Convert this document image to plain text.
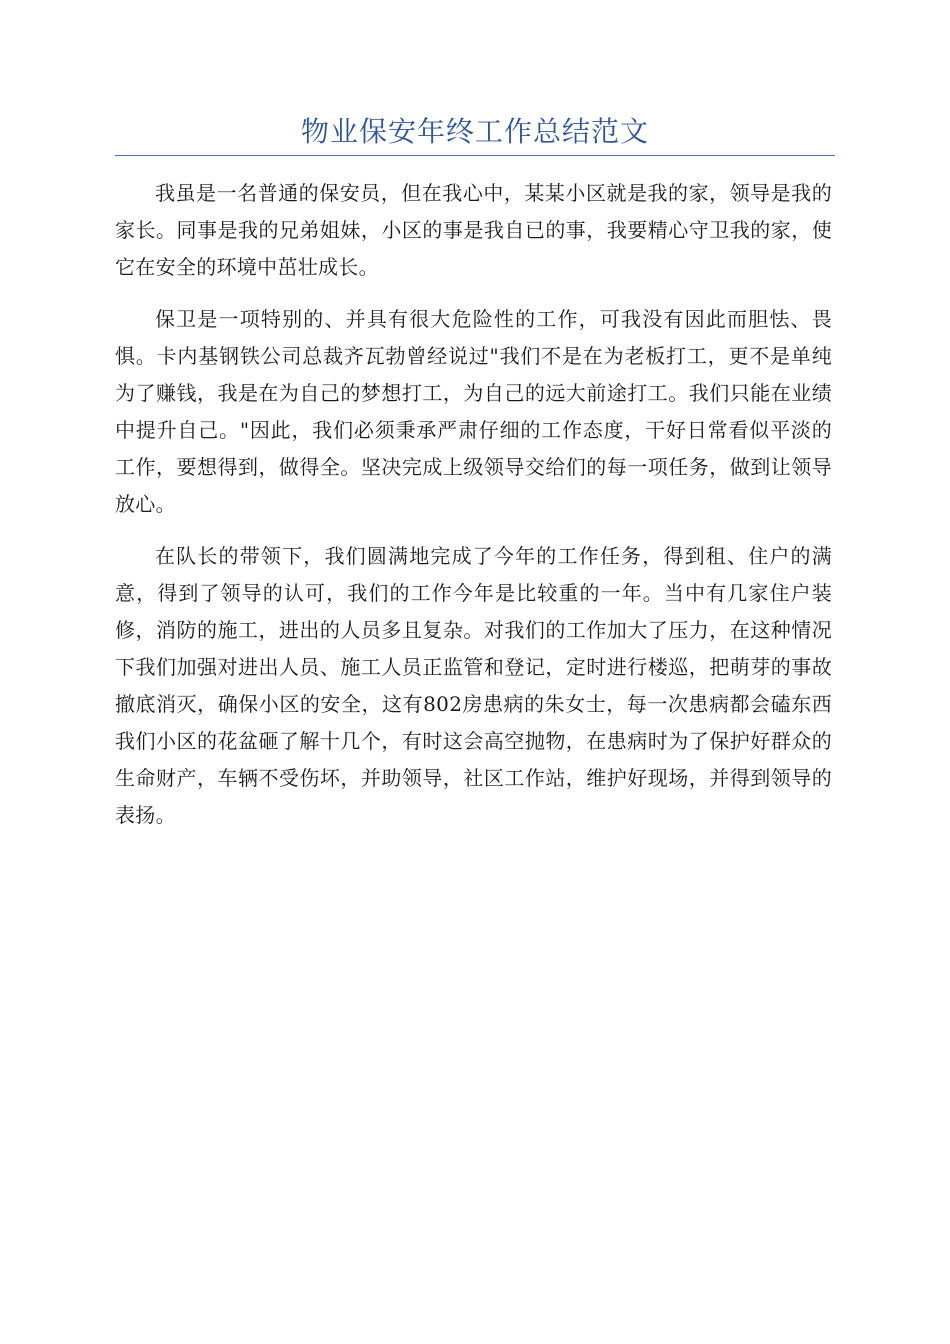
物业保安年终工作总结范文

我虽是一名普通的保安员，但在我心中，某某小区就是我的家，领导是我的家长。同事是我的兄弟姐妹，小区的事是我自已的事，我要精心守卫我的家，使它在安全的环境中茁壮成长。

保卫是一项特别的、并具有很大危险性的工作，可我没有因此而胆怯、畏惧。卡内基钢铁公司总裁齐瓦勃曾经说过"我们不是在为老板打工，更不是单纯为了赚钱，我是在为自己的梦想打工，为自己的远大前途打工。我们只能在业绩中提升自己。"因此，我们必须秉承严肃仔细的工作态度，干好日常看似平淡的工作，要想得到，做得全。坚决完成上级领导交给们的每一项任务，做到让领导放心。

在队长的带领下，我们圆满地完成了今年的工作任务，得到租、住户的满意，得到了领导的认可，我们的工作今年是比较重的一年。当中有几家住户装修，消防的施工，进出的人员多且复杂。对我们的工作加大了压力，在这种情况下我们加强对进出人员、施工人员正监管和登记，定时进行楼巡，把萌芽的事故撤底消灭，确保小区的安全，这有802房患病的朱女士，每一次患病都会磕东西我们小区的花盆砸了解十几个，有时这会高空抛物，在患病时为了保护好群众的生命财产，车辆不受伤坏，并助领导，社区工作站，维护好现场，并得到领导的表扬。
